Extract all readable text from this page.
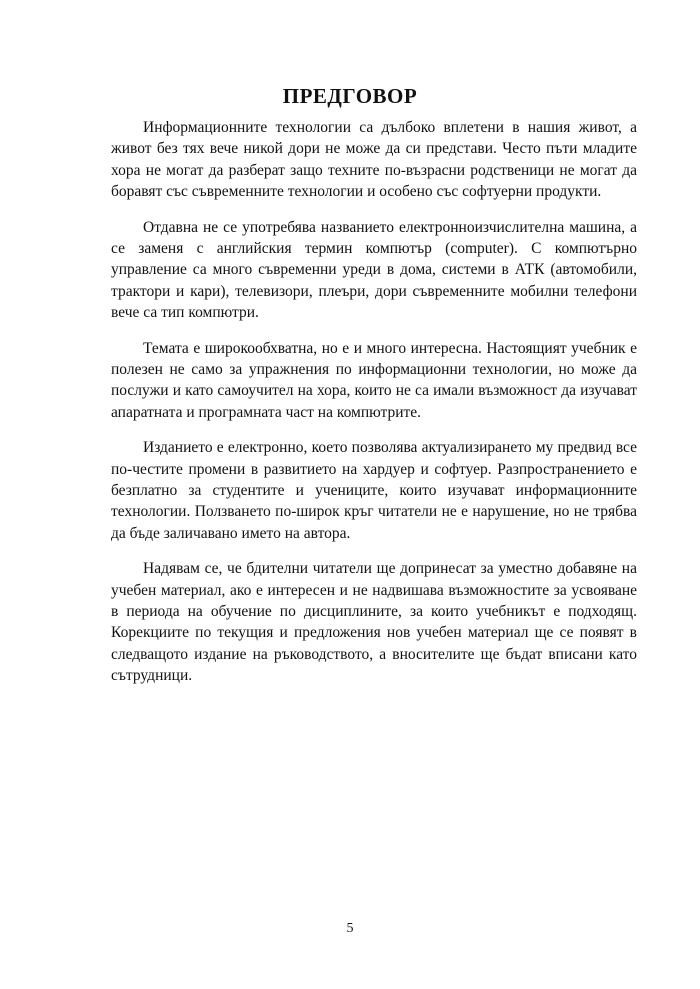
ПРЕДГОВОР

Информационните технологии са дълбоко вплетени в нашия живот, а живот без тях вече никой дори не може да си представи. Често пъти младите хора не могат да разберат защо техните по-възрасни родственици не могат да боравят със съвременните технологии и особено със софтуерни продукти.

Отдавна не се употребява названието електронноизчислителна машина, а се заменя с английския термин компютър (computer). С компютърно управление са много съвременни уреди в дома, системи в АТК (автомобили, трактори и кари), телевизори, плеъри, дори съвременните мобилни телефони вече са тип компютри.

Темата е широкообхватна, но е и много интересна. Настоящият учебник е полезен не само за упражнения по информационни технологии, но може да послужи и като самоучител на хора, които не са имали възможност да изучават апаратната и програмната част на компютрите.

Изданието е електронно, което позволява актуализирането му предвид все по-честите промени в развитието на хардуер и софтуер. Разпространението е безплатно за студентите и учениците, които изучават информационните технологии. Ползването по-широк кръг читатели не е нарушение, но не трябва да бъде заличавано името на автора.

Надявам се, че бдителни читатели ще допринесат за уместно добавяне на учебен материал, ако е интересен и не надвишава възможностите за усвояване в периода на обучение по дисциплините, за които учебникът е подходящ. Корекциите по текущия и предложения нов учебен материал ще се появят в следващото издание на ръководството, а вносителите ще бъдат вписани като сътрудници.

5
